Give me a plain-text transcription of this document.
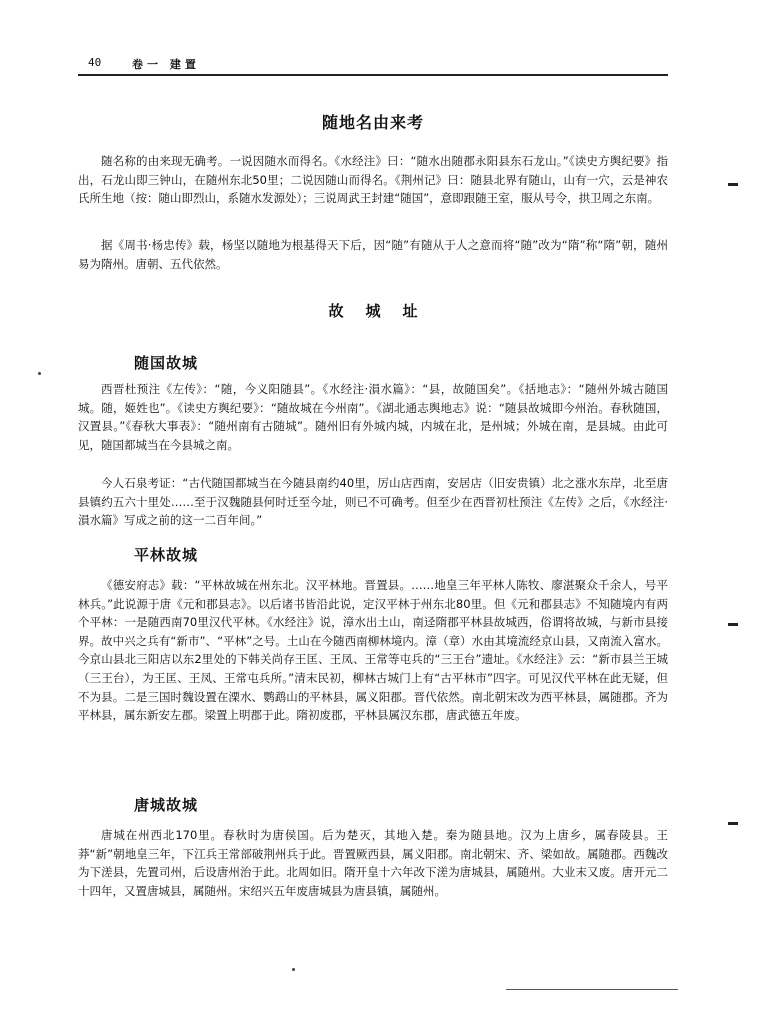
40	卷一 建置
随地名由来考

随名称的由来现无确考。一说因随水而得名。《水经注》曰：“随水出随郡永阳县东石龙山。”《读史方舆纪要》指出，石龙山即三钟山，在随州东北50里；二说因随山而得名。《荆州记》曰：随县北界有随山，山有一穴，云是神农氏所生地（按：随山即烈山，系随水发源处）；三说周武王封建“随国”，意即跟随王室，服从号令，拱卫周之东南。

据《周书·杨忠传》载，杨坚以随地为根基得天下后，因“随”有随从于人之意而将“随”改为“隋”称“隋”朝，随州易为隋州。唐朝、五代依然。

故城址
随国故城

西晋杜预注《左传》：“随，今义阳随县”。《水经注·溳水篇》：“县，故随国矣”。《括地志》：“随州外城古随国城。随，姬姓也”。《读史方舆纪要》：“随故城在今州南”。《湖北通志舆地志》说：“随县故城即今州治。春秋随国，汉置县。”《春秋大事表》：“随州南有古随城”。随州旧有外城内城，内城在北，是州城；外城在南，是县城。由此可见，随国都城当在今县城之南。

今人石泉考证：“古代随国都城当在今随县南约40里，厉山店西南，安居店（旧安贵镇）北之涨水东岸，北至唐县镇约五六十里处……至于汉魏随县何时迁至今址，则已不可确考。但至少在西晋初杜预注《左传》之后，《水经注·溳水篇》写成之前的这一二百年间。”

平林故城

《德安府志》载：“平林故城在州东北。汉平林地。晋置县。……地皇三年平林人陈牧、廖湛聚众千余人，号平林兵。”此说源于唐《元和郡县志》。以后诸书皆沿此说，定汉平林于州东北80里。但《元和郡县志》不知随境内有两个平林：一是随西南70里汉代平林。《水经注》说，漳水出土山，南迳隋郡平林县故城西，俗谓将故城，与新市县接界。故中兴之兵有“新市”、“平林”之号。土山在今随西南柳林境内。漳（章）水由其境流经京山县，又南流入富水。今京山县北三阳店以东2里处的下韩关尚存王匡、王凤、王常等屯兵的“三王台”遗址。《水经注》云：“新市县兰王城（三王台），为王匡、王凤、王常屯兵所。”清末民初，柳林古城门上有“古平林市”四字。可见汉代平林在此无疑，但不为县。二是三国时魏设置在溧水、鹦鹉山的平林县，属义阳郡。晋代依然。南北朝宋改为西平林县，属随郡。齐为平林县，属东新安左郡。梁置上明郡于此。隋初废郡，平林县属汉东郡，唐武德五年废。

唐城故城

唐城在州西北170里。春秋时为唐侯国。后为楚灭，其地入楚。秦为随县地。汉为上唐乡，属春陵县。王莽“新”朝地皇三年，下江兵王常部破荆州兵于此。晋置厥西县，属义阳郡。南北朝宋、齐、梁如故。属随郡。西魏改为下溠县，先置司州，后设唐州治于此。北周如旧。隋开皇十六年改下溠为唐城县，属随州。大业末又废。唐开元二十四年，又置唐城县，属随州。宋绍兴五年废唐城县为唐县镇，属随州。
